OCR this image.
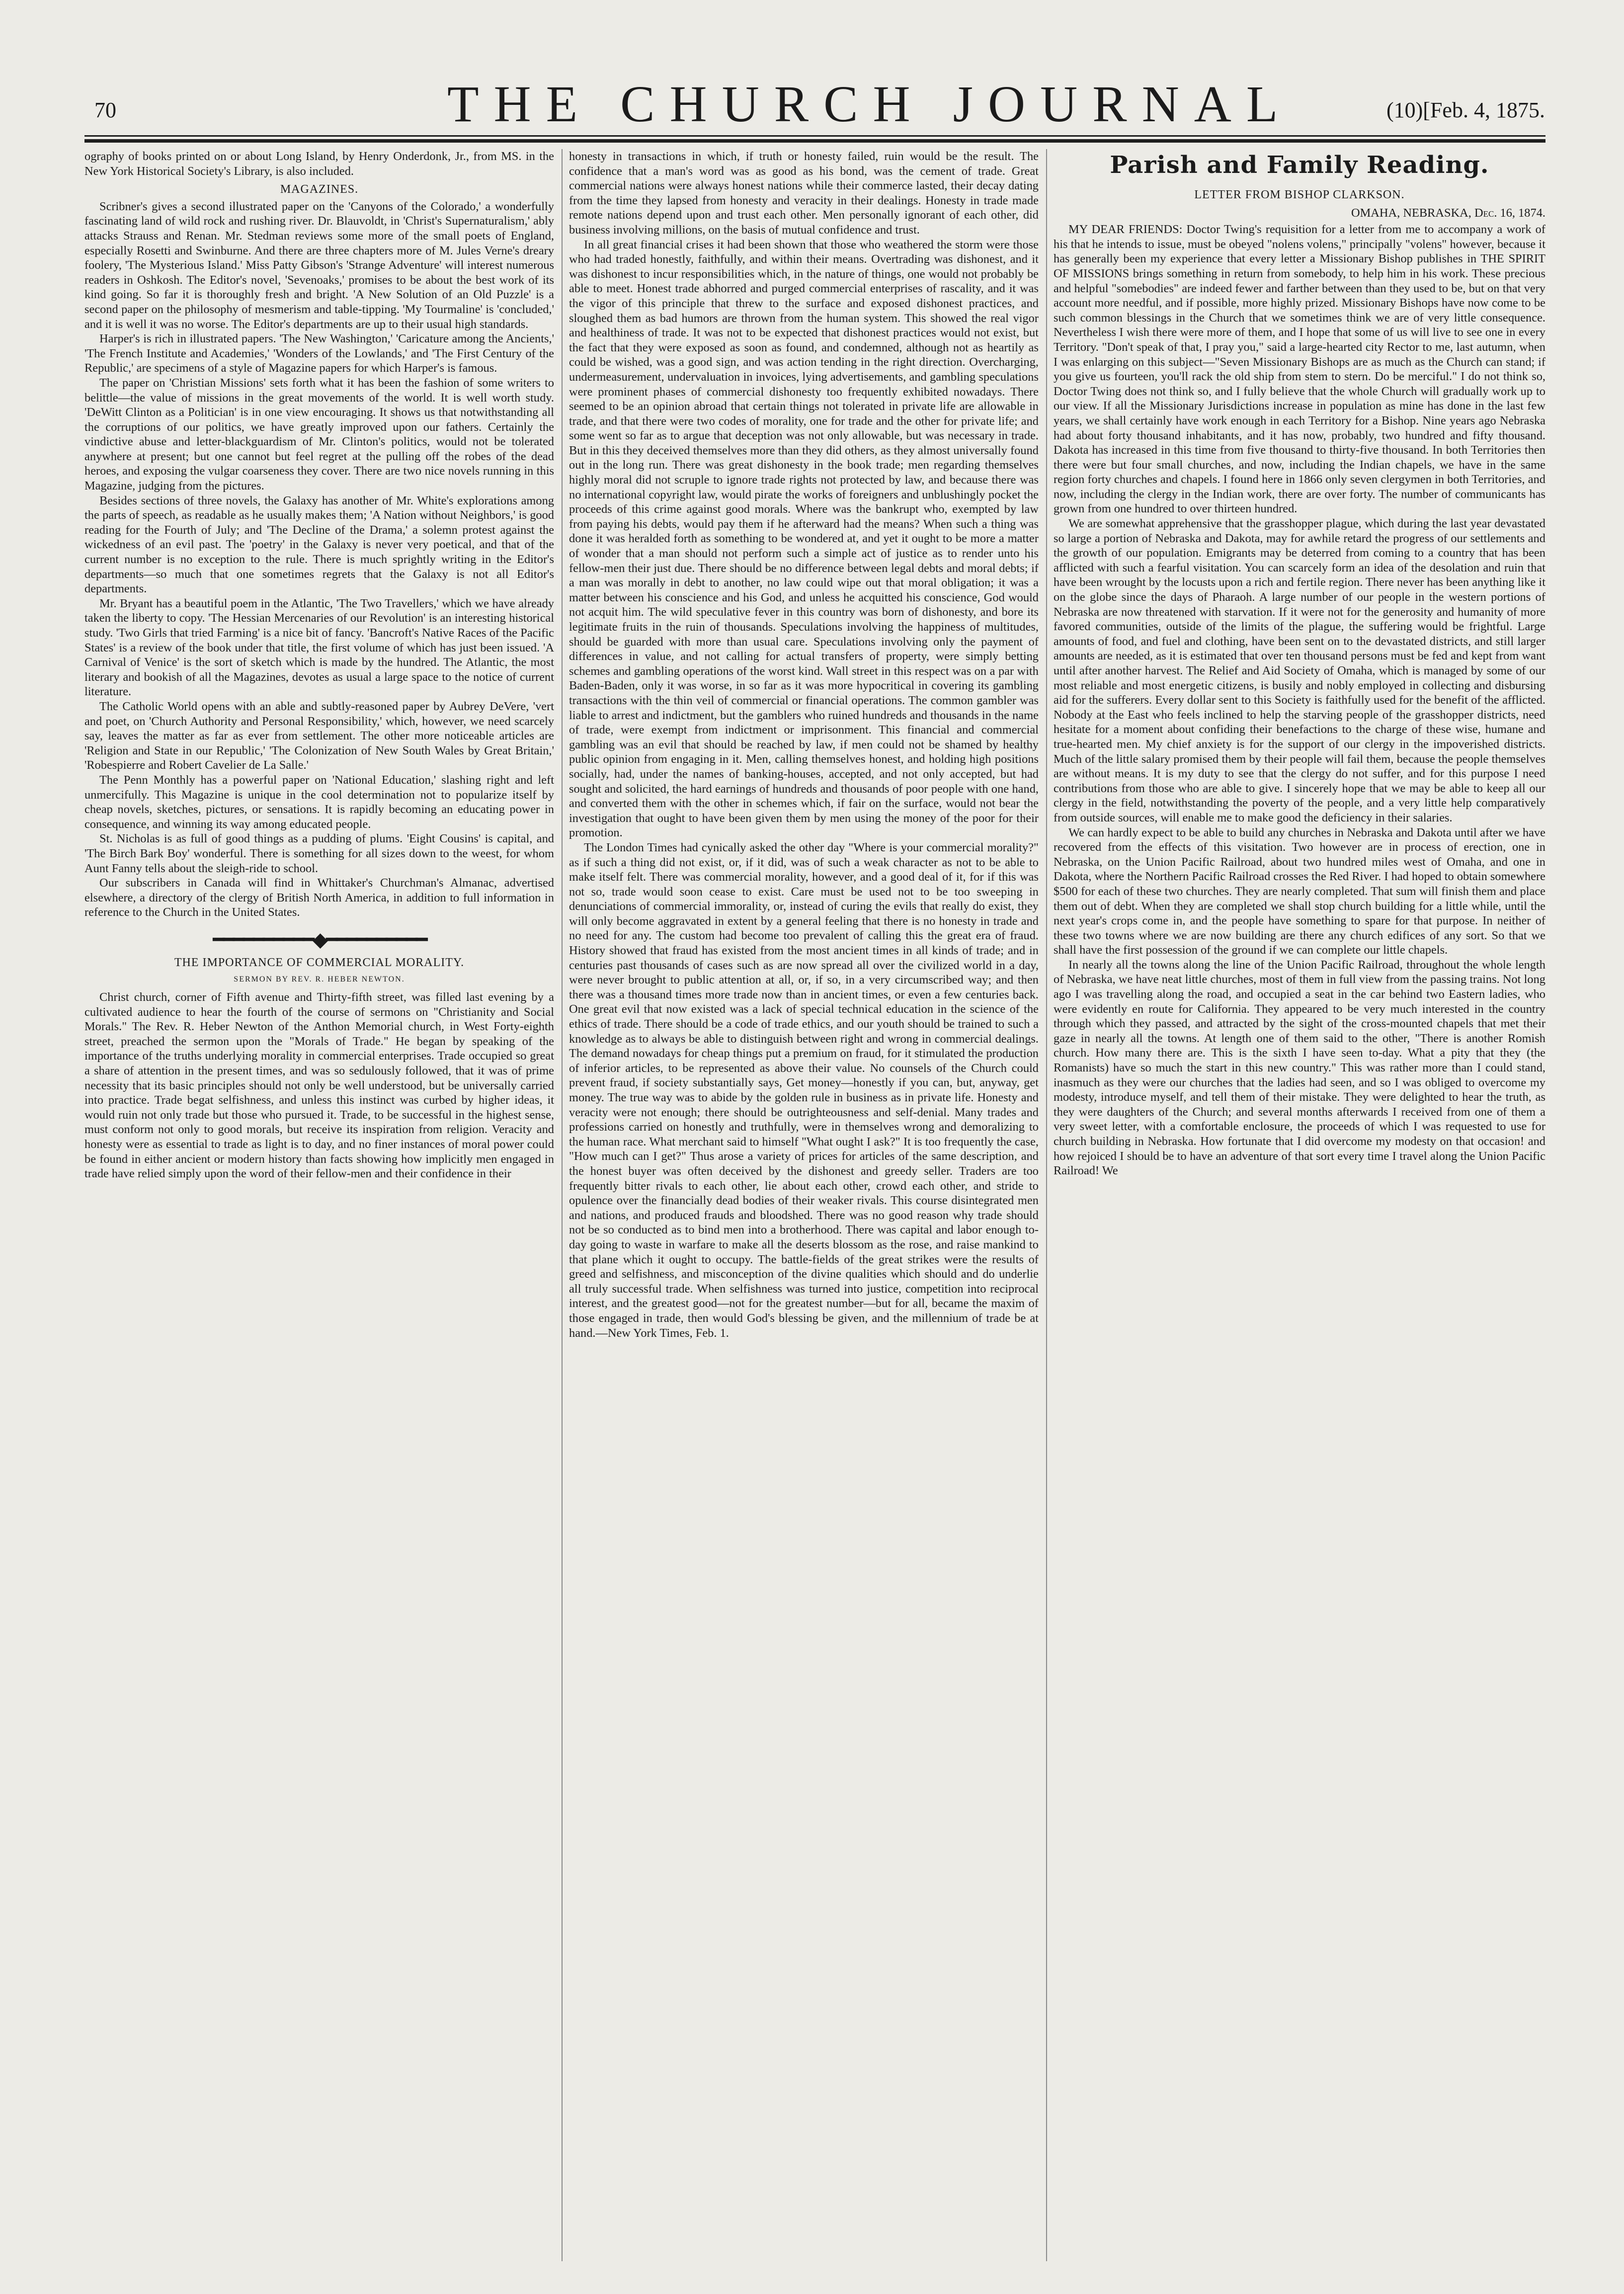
70	THE CHURCH JOURNAL	(10)[Feb. 4, 1875.

ography of books printed on or about Long Island, by Henry Onderdonk, Jr., from MS. in the New York Historical Society's Library, is also included.

MAGAZINES.

Scribner's gives a second illustrated paper on the 'Canyons of the Colorado,' a wonderfully fascinating land of wild rock and rushing river. Dr. Blauvoldt, in 'Christ's Supernaturalism,' ably attacks Strauss and Renan. Mr. Stedman reviews some more of the small poets of England, especially Rosetti and Swinburne. And there are three chapters more of M. Jules Verne's dreary foolery, 'The Mysterious Island.' Miss Patty Gibson's 'Strange Adventure' will interest numerous readers in Oshkosh. The Editor's novel, 'Sevenoaks,' promises to be about the best work of its kind going. So far it is thoroughly fresh and bright. 'A New Solution of an Old Puzzle' is a second paper on the philosophy of mesmerism and table-tipping. 'My Tourmaline' is 'concluded,' and it is well it was no worse. The Editor's departments are up to their usual high standards.

Harper's is rich in illustrated papers. 'The New Washington,' 'Caricature among the Ancients,' 'The French Institute and Academies,' 'Wonders of the Lowlands,' and 'The First Century of the Republic,' are specimens of a style of Magazine papers for which Harper's is famous.

The paper on 'Christian Missions' sets forth what it has been the fashion of some writers to belittle—the value of missions in the great movements of the world. It is well worth study. 'DeWitt Clinton as a Politician' is in one view encouraging. It shows us that notwithstanding all the corruptions of our politics, we have greatly improved upon our fathers. Certainly the vindictive abuse and letter-blackguardism of Mr. Clinton's politics, would not be tolerated anywhere at present; but one cannot but feel regret at the pulling off the robes of the dead heroes, and exposing the vulgar coarseness they cover. There are two nice novels running in this Magazine, judging from the pictures.

Besides sections of three novels, the Galaxy has another of Mr. White's explorations among the parts of speech, as readable as he usually makes them; 'A Nation without Neighbors,' is good reading for the Fourth of July; and 'The Decline of the Drama,' a solemn protest against the wickedness of an evil past. The 'poetry' in the Galaxy is never very poetical, and that of the current number is no exception to the rule. There is much sprightly writing in the Editor's departments—so much that one sometimes regrets that the Galaxy is not all Editor's departments.

Mr. Bryant has a beautiful poem in the Atlantic, 'The Two Travellers,' which we have already taken the liberty to copy. 'The Hessian Mercenaries of our Revolution' is an interesting historical study. 'Two Girls that tried Farming' is a nice bit of fancy. 'Bancroft's Native Races of the Pacific States' is a review of the book under that title, the first volume of which has just been issued. 'A Carnival of Venice' is the sort of sketch which is made by the hundred. The Atlantic, the most literary and bookish of all the Magazines, devotes as usual a large space to the notice of current literature.

The Catholic World opens with an able and subtly-reasoned paper by Aubrey DeVere, 'vert and poet, on 'Church Authority and Personal Responsibility,' which, however, we need scarcely say, leaves the matter as far as ever from settlement. The other more noticeable articles are 'Religion and State in our Republic,' 'The Colonization of New South Wales by Great Britain,' 'Robespierre and Robert Cavelier de La Salle.'

The Penn Monthly has a powerful paper on 'National Education,' slashing right and left unmercifully. This Magazine is unique in the cool determination not to popularize itself by cheap novels, sketches, pictures, or sensations. It is rapidly becoming an educating power in consequence, and winning its way among educated people.

St. Nicholas is as full of good things as a pudding of plums. 'Eight Cousins' is capital, and 'The Birch Bark Boy' wonderful. There is something for all sizes down to the weest, for whom Aunt Fanny tells about the sleigh-ride to school.

Our subscribers in Canada will find in Whittaker's Churchman's Almanac, advertised elsewhere, a directory of the clergy of British North America, in addition to full information in reference to the Church in the United States.

━━━━━━━━━━◆━━━━━━━━━━
THE IMPORTANCE OF COMMERCIAL MORALITY.
SERMON BY REV. R. HEBER NEWTON.

Christ church, corner of Fifth avenue and Thirty-fifth street, was filled last evening by a cultivated audience to hear the fourth of the course of sermons on "Christianity and Social Morals." The Rev. R. Heber Newton of the Anthon Memorial church, in West Forty-eighth street, preached the sermon upon the "Morals of Trade." He began by speaking of the importance of the truths underlying morality in commercial enterprises. Trade occupied so great a share of attention in the present times, and was so sedulously followed, that it was of prime necessity that its basic principles should not only be well understood, but be universally carried into practice. Trade begat selfishness, and unless this instinct was curbed by higher ideas, it would ruin not only trade but those who pursued it. Trade, to be successful in the highest sense, must conform not only to good morals, but receive its inspiration from religion. Veracity and honesty were as essential to trade as light is to day, and no finer instances of moral power could be found in either ancient or modern history than facts showing how implicitly men engaged in trade have relied simply upon the word of their fellow-men and their confidence in their

honesty in transactions in which, if truth or honesty failed, ruin would be the result. The confidence that a man's word was as good as his bond, was the cement of trade. Great commercial nations were always honest nations while their commerce lasted, their decay dating from the time they lapsed from honesty and veracity in their dealings. Honesty in trade made remote nations depend upon and trust each other. Men personally ignorant of each other, did business involving millions, on the basis of mutual confidence and trust.

In all great financial crises it had been shown that those who weathered the storm were those who had traded honestly, faithfully, and within their means. Overtrading was dishonest, and it was dishonest to incur responsibilities which, in the nature of things, one would not probably be able to meet. Honest trade abhorred and purged commercial enterprises of rascality, and it was the vigor of this principle that threw to the surface and exposed dishonest practices, and sloughed them as bad humors are thrown from the human system. This showed the real vigor and healthiness of trade. It was not to be expected that dishonest practices would not exist, but the fact that they were exposed as soon as found, and condemned, although not as heartily as could be wished, was a good sign, and was action tending in the right direction. Overcharging, undermeasurement, undervaluation in invoices, lying advertisements, and gambling speculations were prominent phases of commercial dishonesty too frequently exhibited nowadays. There seemed to be an opinion abroad that certain things not tolerated in private life are allowable in trade, and that there were two codes of morality, one for trade and the other for private life; and some went so far as to argue that deception was not only allowable, but was necessary in trade. But in this they deceived themselves more than they did others, as they almost universally found out in the long run. There was great dishonesty in the book trade; men regarding themselves highly moral did not scruple to ignore trade rights not protected by law, and because there was no international copyright law, would pirate the works of foreigners and unblushingly pocket the proceeds of this crime against good morals. Where was the bankrupt who, exempted by law from paying his debts, would pay them if he afterward had the means? When such a thing was done it was heralded forth as something to be wondered at, and yet it ought to be more a matter of wonder that a man should not perform such a simple act of justice as to render unto his fellow-men their just due. There should be no difference between legal debts and moral debts; if a man was morally in debt to another, no law could wipe out that moral obligation; it was a matter between his conscience and his God, and unless he acquitted his conscience, God would not acquit him. The wild speculative fever in this country was born of dishonesty, and bore its legitimate fruits in the ruin of thousands. Speculations involving the happiness of multitudes, should be guarded with more than usual care. Speculations involving only the payment of differences in value, and not calling for actual transfers of property, were simply betting schemes and gambling operations of the worst kind. Wall street in this respect was on a par with Baden-Baden, only it was worse, in so far as it was more hypocritical in covering its gambling transactions with the thin veil of commercial or financial operations. The common gambler was liable to arrest and indictment, but the gamblers who ruined hundreds and thousands in the name of trade, were exempt from indictment or imprisonment. This financial and commercial gambling was an evil that should be reached by law, if men could not be shamed by healthy public opinion from engaging in it. Men, calling themselves honest, and holding high positions socially, had, under the names of banking-houses, accepted, and not only accepted, but had sought and solicited, the hard earnings of hundreds and thousands of poor people with one hand, and converted them with the other in schemes which, if fair on the surface, would not bear the investigation that ought to have been given them by men using the money of the poor for their promotion.

The London Times had cynically asked the other day "Where is your commercial morality?" as if such a thing did not exist, or, if it did, was of such a weak character as not to be able to make itself felt. There was commercial morality, however, and a good deal of it, for if this was not so, trade would soon cease to exist. Care must be used not to be too sweeping in denunciations of commercial immorality, or, instead of curing the evils that really do exist, they will only become aggravated in extent by a general feeling that there is no honesty in trade and no need for any. The custom had become too prevalent of calling this the great era of fraud. History showed that fraud has existed from the most ancient times in all kinds of trade; and in centuries past thousands of cases such as are now spread all over the civilized world in a day, were never brought to public attention at all, or, if so, in a very circumscribed way; and then there was a thousand times more trade now than in ancient times, or even a few centuries back. One great evil that now existed was a lack of special technical education in the science of the ethics of trade. There should be a code of trade ethics, and our youth should be trained to such a knowledge as to always be able to distinguish between right and wrong in commercial dealings. The demand nowadays for cheap things put a premium on fraud, for it stimulated the production of inferior articles, to be represented as above their value. No counsels of the Church could prevent fraud, if society substantially says, Get money—honestly if you can, but, anyway, get money. The true way was to abide by the golden rule in business as in private life. Honesty and veracity were not enough; there should be outrighteousness and self-denial. Many trades and professions carried on honestly and truthfully, were in themselves wrong and demoralizing to the human race. What merchant said to himself "What ought I ask?" It is too frequently the case, "How much can I get?" Thus arose a variety of prices for articles of the same description, and the honest buyer was often deceived by the dishonest and greedy seller. Traders are too frequently bitter rivals to each other, lie about each other, crowd each other, and stride to opulence over the financially dead bodies of their weaker rivals. This course disintegrated men and nations, and produced frauds and bloodshed. There was no good reason why trade should not be so conducted as to bind men into a brotherhood. There was capital and labor enough to-day going to waste in warfare to make all the deserts blossom as the rose, and raise mankind to that plane which it ought to occupy. The battle-fields of the great strikes were the results of greed and selfishness, and misconception of the divine qualities which should and do underlie all truly successful trade. When selfishness was turned into justice, competition into reciprocal interest, and the greatest good—not for the greatest number—but for all, became the maxim of those engaged in trade, then would God's blessing be given, and the millennium of trade be at hand.—New York Times, Feb. 1.

Parish and Family Reading.
LETTER FROM BISHOP CLARKSON.
OMAHA, NEBRASKA, Dec. 16, 1874.

MY DEAR FRIENDS: Doctor Twing's requisition for a letter from me to accompany a work of his that he intends to issue, must be obeyed "nolens volens," principally "volens" however, because it has generally been my experience that every letter a Missionary Bishop publishes in THE SPIRIT OF MISSIONS brings something in return from somebody, to help him in his work. These precious and helpful "somebodies" are indeed fewer and farther between than they used to be, but on that very account more needful, and if possible, more highly prized. Missionary Bishops have now come to be such common blessings in the Church that we sometimes think we are of very little consequence. Nevertheless I wish there were more of them, and I hope that some of us will live to see one in every Territory. "Don't speak of that, I pray you," said a large-hearted city Rector to me, last autumn, when I was enlarging on this subject—"Seven Missionary Bishops are as much as the Church can stand; if you give us fourteen, you'll rack the old ship from stem to stern. Do be merciful." I do not think so, Doctor Twing does not think so, and I fully believe that the whole Church will gradually work up to our view. If all the Missionary Jurisdictions increase in population as mine has done in the last few years, we shall certainly have work enough in each Territory for a Bishop. Nine years ago Nebraska had about forty thousand inhabitants, and it has now, probably, two hundred and fifty thousand. Dakota has increased in this time from five thousand to thirty-five thousand. In both Territories then there were but four small churches, and now, including the Indian chapels, we have in the same region forty churches and chapels. I found here in 1866 only seven clergymen in both Territories, and now, including the clergy in the Indian work, there are over forty. The number of communicants has grown from one hundred to over thirteen hundred.

We are somewhat apprehensive that the grasshopper plague, which during the last year devastated so large a portion of Nebraska and Dakota, may for awhile retard the progress of our settlements and the growth of our population. Emigrants may be deterred from coming to a country that has been afflicted with such a fearful visitation. You can scarcely form an idea of the desolation and ruin that have been wrought by the locusts upon a rich and fertile region. There never has been anything like it on the globe since the days of Pharaoh. A large number of our people in the western portions of Nebraska are now threatened with starvation. If it were not for the generosity and humanity of more favored communities, outside of the limits of the plague, the suffering would be frightful. Large amounts of food, and fuel and clothing, have been sent on to the devastated districts, and still larger amounts are needed, as it is estimated that over ten thousand persons must be fed and kept from want until after another harvest. The Relief and Aid Society of Omaha, which is managed by some of our most reliable and most energetic citizens, is busily and nobly employed in collecting and disbursing aid for the sufferers. Every dollar sent to this Society is faithfully used for the benefit of the afflicted. Nobody at the East who feels inclined to help the starving people of the grasshopper districts, need hesitate for a moment about confiding their benefactions to the charge of these wise, humane and true-hearted men. My chief anxiety is for the support of our clergy in the impoverished districts. Much of the little salary promised them by their people will fail them, because the people themselves are without means. It is my duty to see that the clergy do not suffer, and for this purpose I need contributions from those who are able to give. I sincerely hope that we may be able to keep all our clergy in the field, notwithstanding the poverty of the people, and a very little help comparatively from outside sources, will enable me to make good the deficiency in their salaries.

We can hardly expect to be able to build any churches in Nebraska and Dakota until after we have recovered from the effects of this visitation. Two however are in process of erection, one in Nebraska, on the Union Pacific Railroad, about two hundred miles west of Omaha, and one in Dakota, where the Northern Pacific Railroad crosses the Red River. I had hoped to obtain somewhere $500 for each of these two churches. They are nearly completed. That sum will finish them and place them out of debt. When they are completed we shall stop church building for a little while, until the next year's crops come in, and the people have something to spare for that purpose. In neither of these two towns where we are now building are there any church edifices of any sort. So that we shall have the first possession of the ground if we can complete our little chapels.

In nearly all the towns along the line of the Union Pacific Railroad, throughout the whole length of Nebraska, we have neat little churches, most of them in full view from the passing trains. Not long ago I was travelling along the road, and occupied a seat in the car behind two Eastern ladies, who were evidently en route for California. They appeared to be very much interested in the country through which they passed, and attracted by the sight of the cross-mounted chapels that met their gaze in nearly all the towns. At length one of them said to the other, "There is another Romish church. How many there are. This is the sixth I have seen to-day. What a pity that they (the Romanists) have so much the start in this new country." This was rather more than I could stand, inasmuch as they were our churches that the ladies had seen, and so I was obliged to overcome my modesty, introduce myself, and tell them of their mistake. They were delighted to hear the truth, as they were daughters of the Church; and several months afterwards I received from one of them a very sweet letter, with a comfortable enclosure, the proceeds of which I was requested to use for church building in Nebraska. How fortunate that I did overcome my modesty on that occasion! and how rejoiced I should be to have an adventure of that sort every time I travel along the Union Pacific Railroad! We
